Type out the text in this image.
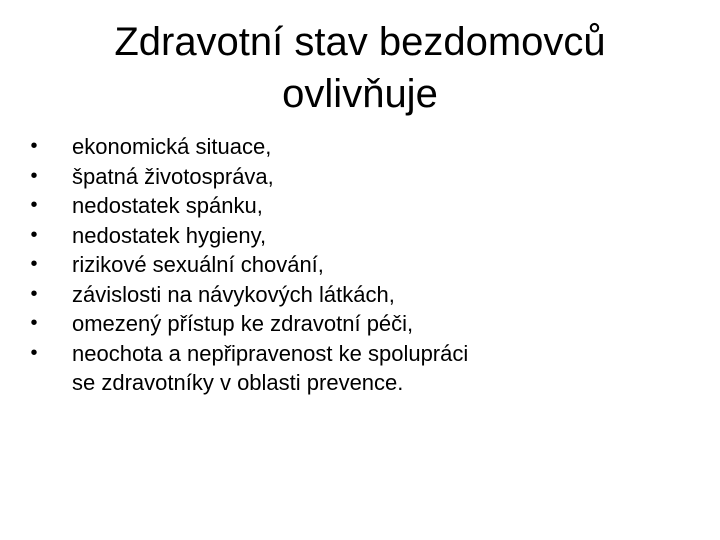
Zdravotní stav bezdomovců
ovlivňuje
• ekonomická situace,
• špatná životospráva,
• nedostatek spánku,
• nedostatek hygieny,
• rizikové sexuální chování,
• závislosti na návykových látkách,
• omezený přístup ke zdravotní péči,
• neochota a nepřipravenost ke spolupráci
se zdravotníky v oblasti prevence.
